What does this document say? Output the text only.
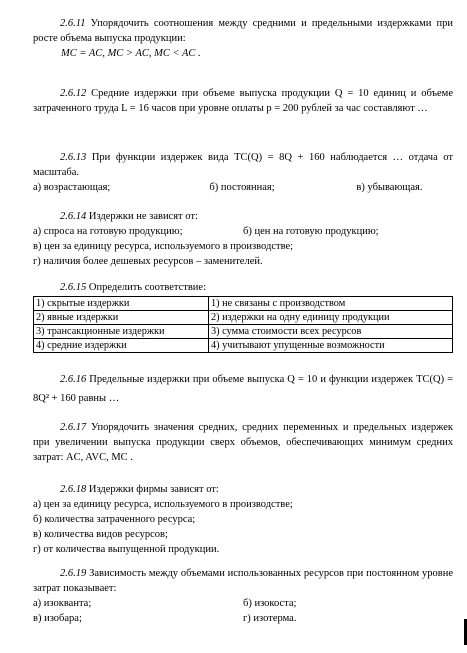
2.6.11 Упорядочить соотношения между средними и предельными издержками при росте объема выпуска продукции:

MC = AC, MC > AC, MC < AC .

2.6.12 Средние издержки при объеме выпуска продукции Q = 10 единиц и объеме затраченного труда L = 16 часов при уровне оплаты p = 200 рублей за час составляют …

2.6.13 При функции издержек вида TC(Q) = 8Q + 160 наблюдается … отдача от масштаба.

а) возрастающая;	б) постоянная;	в) убывающая.

2.6.14 Издержки не зависят от:

а) спроса на готовую продукцию;	б) цен на готовую продукцию;

в) цен за единицу ресурса, используемого в производстве;

г) наличия более дешевых ресурсов – заменителей.

2.6.15 Определить соответствие:

1) скрытые издержки	1) не связаны с производством
2) явные издержки	2) издержки на одну единицу продукции
3) трансакционные издержки	3) сумма стоимости всех ресурсов
4) средние издержки	4) учитывают упущенные возможности

2.6.16 Предельные издержки при объеме выпуска Q = 10 и функции издержек TC(Q) = 8Q² + 160 равны …

2.6.17 Упорядочить значения средних, средних переменных и предельных издержек при увеличении выпуска продукции сверх объемов, обеспечивающих минимум средних затрат: AC, AVC, MC .

2.6.18 Издержки фирмы зависят от:

а) цен за единицу ресурса, используемого в производстве;

б) количества затраченного ресурса;

в) количества видов ресурсов;

г) от количества выпущенной продукции.

2.6.19 Зависимость между объемами использованных ресурсов при постоянном уровне затрат показывает:

а) изокванта;	б) изокоста;
в) изобара;	г) изотерма.
